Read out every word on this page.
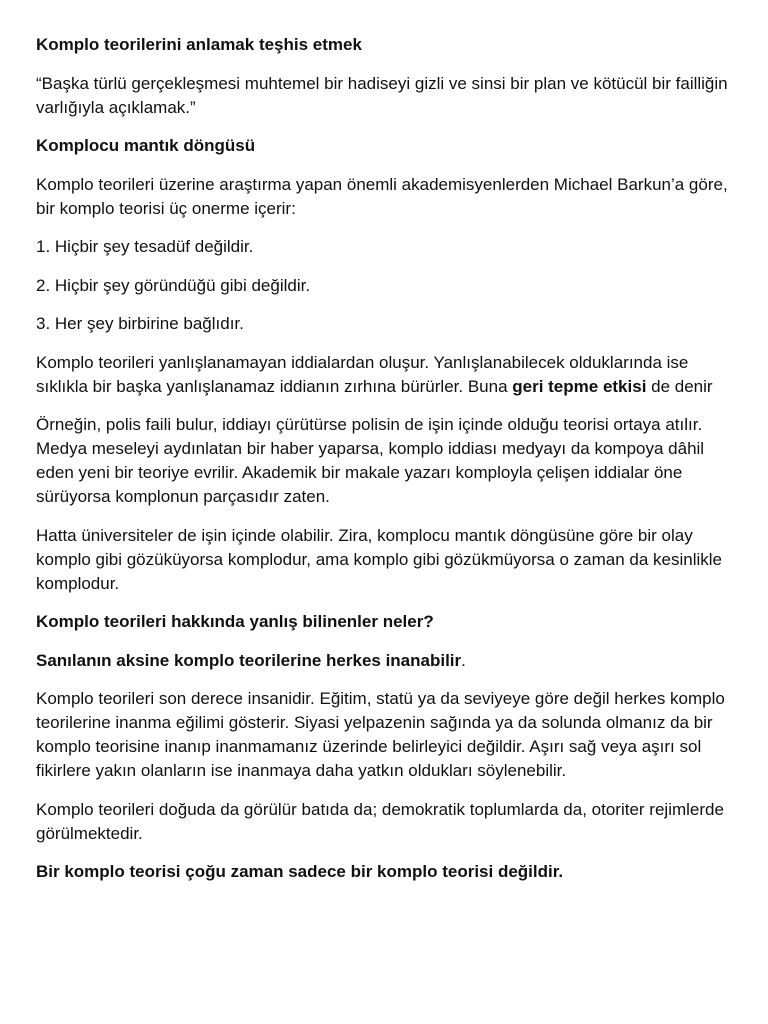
Komplo teorilerini anlamak teşhis etmek

“Başka türlü gerçekleşmesi muhtemel bir hadiseyi gizli ve sinsi bir plan ve kötücül bir failliğin varlığıyla açıklamak.”

Komplocu mantık döngüsü

Komplo teorileri üzerine araştırma yapan önemli akademisyenlerden Michael Barkun’a göre, bir komplo teorisi üç onerme içerir:

1. Hiçbir şey tesadüf değildir.

2. Hiçbir şey göründüğü gibi değildir.

3. Her şey birbirine bağlıdır.

Komplo teorileri yanlışlanamayan iddialardan oluşur. Yanlışlanabilecek olduklarında ise sıklıkla bir başka yanlışlanamaz iddianın zırhına bürürler. Buna geri tepme etkisi de denir

Örneğin, polis faili bulur, iddiayı çürütürse polisin de işin içinde olduğu teorisi ortaya atılır. Medya meseleyi aydınlatan bir haber yaparsa, komplo iddiası medyayı da kompoya dâhil eden yeni bir teoriye evrilir. Akademik bir makale yazarı komployla çelişen iddialar öne sürüyorsa komplonun parçasıdır zaten.

Hatta üniversiteler de işin içinde olabilir. Zira, komplocu mantık döngüsüne göre bir olay komplo gibi gözüküyorsa komplodur, ama komplo gibi gözükmüyorsa o zaman da kesinlikle komplodur.

Komplo teorileri hakkında yanlış bilinenler neler?

Sanılanın aksine komplo teorilerine herkes inanabilir.

Komplo teorileri son derece insanidir. Eğitim, statü ya da seviyeye göre değil herkes komplo teorilerine inanma eğilimi gösterir. Siyasi yelpazenin sağında ya da solunda olmanız da bir komplo teorisine inanıp inanmamanız üzerinde belirleyici değildir. Aşırı sağ veya aşırı sol fikirlere yakın olanların ise inanmaya daha yatkın oldukları söylenebilir.

Komplo teorileri doğuda da görülür batıda da; demokratik toplumlarda da, otoriter rejimlerde görülmektedir.

Bir komplo teorisi çoğu zaman sadece bir komplo teorisi değildir.
